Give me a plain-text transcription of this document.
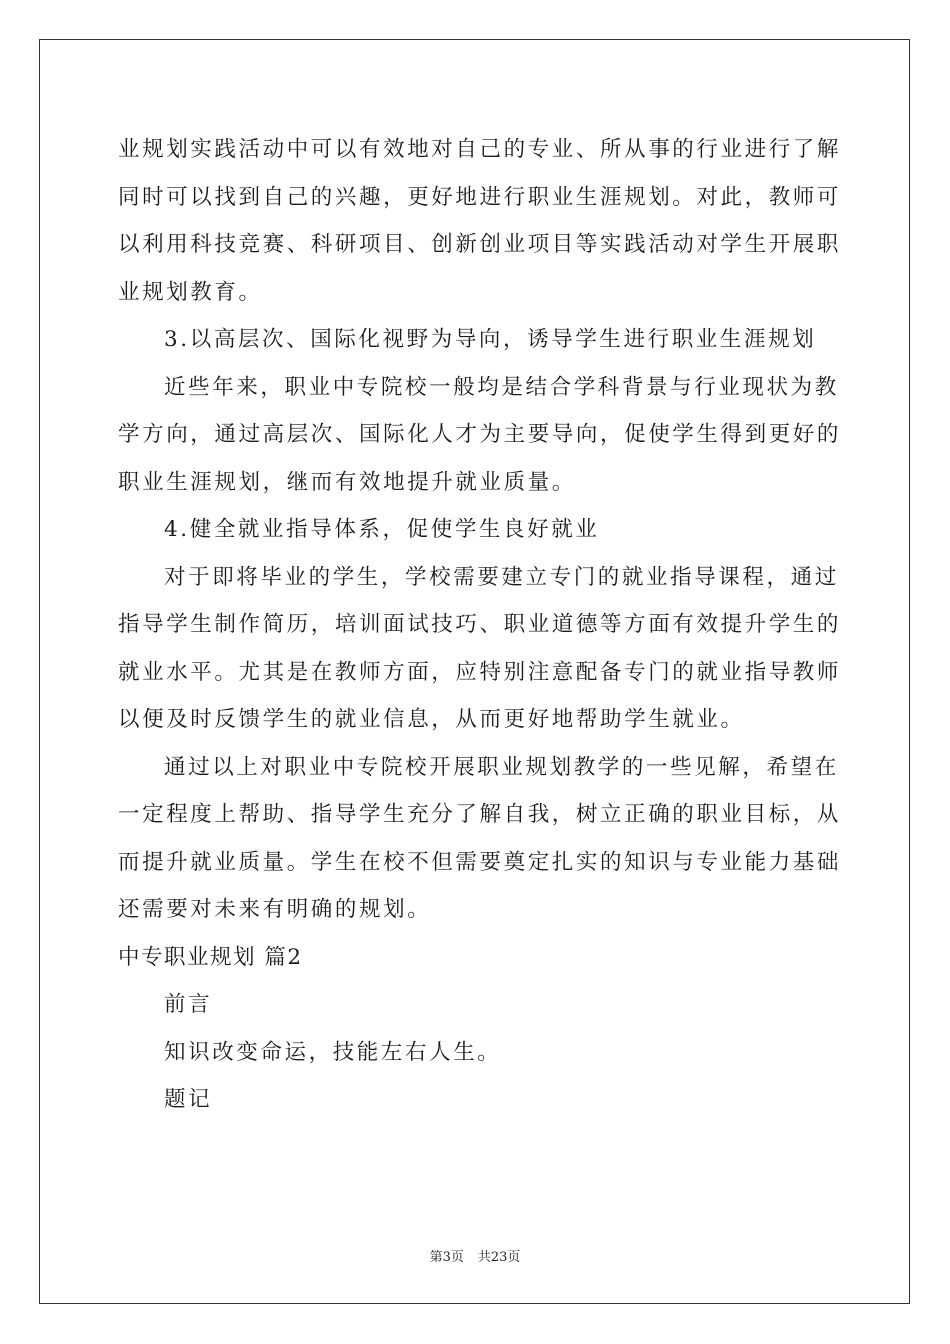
业规划实践活动中可以有效地对自己的专业、所从事的行业进行了解
同时可以找到自己的兴趣，更好地进行职业生涯规划。对此，教师可
以利用科技竞赛、科研项目、创新创业项目等实践活动对学生开展职
业规划教育。
3.以高层次、国际化视野为导向，诱导学生进行职业生涯规划
近些年来，职业中专院校一般均是结合学科背景与行业现状为教
学方向，通过高层次、国际化人才为主要导向，促使学生得到更好的
职业生涯规划，继而有效地提升就业质量。
4.健全就业指导体系，促使学生良好就业
对于即将毕业的学生，学校需要建立专门的就业指导课程，通过
指导学生制作简历，培训面试技巧、职业道德等方面有效提升学生的
就业水平。尤其是在教师方面，应特别注意配备专门的就业指导教师
以便及时反馈学生的就业信息，从而更好地帮助学生就业。
通过以上对职业中专院校开展职业规划教学的一些见解，希望在
一定程度上帮助、指导学生充分了解自我，树立正确的职业目标，从
而提升就业质量。学生在校不但需要奠定扎实的知识与专业能力基础
还需要对未来有明确的规划。
中专职业规划 篇2
前言
知识改变命运，技能左右人生。
题记
第3页 共23页
